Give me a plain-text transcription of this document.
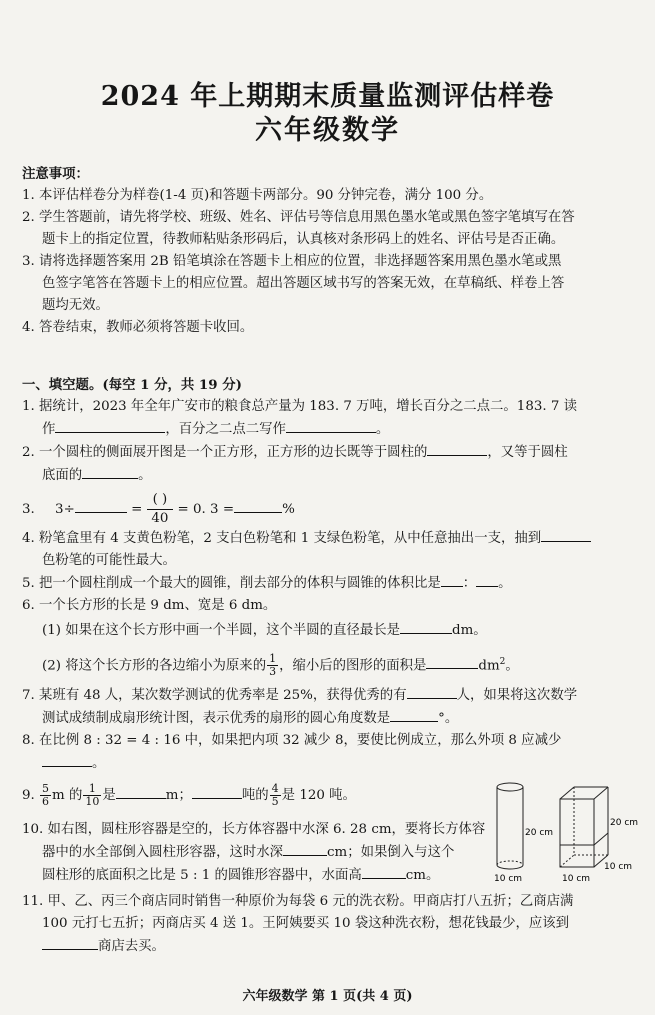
2024 年上期期末质量监测评估样卷
六年级数学
注意事项：
1. 本评估样卷分为样卷(1-4 页)和答题卡两部分。90 分钟完卷，满分 100 分。
2. 学生答题前，请先将学校、班级、姓名、评估号等信息用黑色墨水笔或黑色签字笔填写在答
题卡上的指定位置，待教师粘贴条形码后，认真核对条形码上的姓名、评估号是否正确。
3. 请将选择题答案用 2B 铅笔填涂在答题卡上相应的位置，非选择题答案用黑色墨水笔或黑
色签字笔答在答题卡上的相应位置。超出答题区域书写的答案无效，在草稿纸、样卷上答
题均无效。
4. 答卷结束，教师必须将答题卡收回。
一、填空题。(每空 1 分，共 19 分)
1. 据统计，2023 年全年广安市的粮食总产量为 183. 7 万吨，增长百分之二点二。183. 7 读
作	，百分之二点二写作	。
2. 一个圆柱的侧面展开图是一个正方形，正方形的边长既等于圆柱的	，又等于圆柱
底面的	。
3. 3÷	=
( )
40
= 0. 3 =	%
4. 粉笔盒里有 4 支黄色粉笔，2 支白色粉笔和 1 支绿色粉笔，从中任意抽出一支，抽到
色粉笔的可能性最大。
5. 把一个圆柱削成一个最大的圆锥，削去部分的体积与圆锥的体积比是 ： 。
6. 一个长方形的长是 9 dm、宽是 6 dm。
(1) 如果在这个长方形中画一个半圆，这个半圆的直径最长是	dm。
(2) 将这个长方形的各边缩小为原来的 $\frac{1}{3}$ ，缩小后的图形的面积是	$dm^2$。
7. 某班有 48 人，某次数学测试的优秀率是 25%，获得优秀的有	人，如果将这次数学
测试成绩制成扇形统计图，表示优秀的扇形的圆心角度数是	°。
8. 在比例 8 : 32 = 4 : 16 中，如果把内项 32 减少 8，要使比例成立，那么外项 8 应减少
。
9. $\frac{5}{6}$ m 的 $\frac{1}{10}$ 是	m；	吨的 $\frac{4}{5}$ 是 120 吨。
10. 如右图，圆柱形容器是空的，长方体容器中水深 6. 28 cm，要将长方体容
器中的水全部倒入圆柱形容器，这时水深	cm；如果倒入与这个
圆柱形的底面积之比是 5 : 1 的圆锥形容器中，水面高	cm。
11. 甲、乙、丙三个商店同时销售一种原价为每袋 6 元的洗衣粉。甲商店打八五折；乙商店满
100 元打七五折；丙商店买 4 送 1。王阿姨要买 10 袋这种洗衣粉，想花钱最少，应该到
商店去买。
20 cm
10 cm
20 cm
10 cm
10 cm
六年级数学 第 1 页(共 4 页)
